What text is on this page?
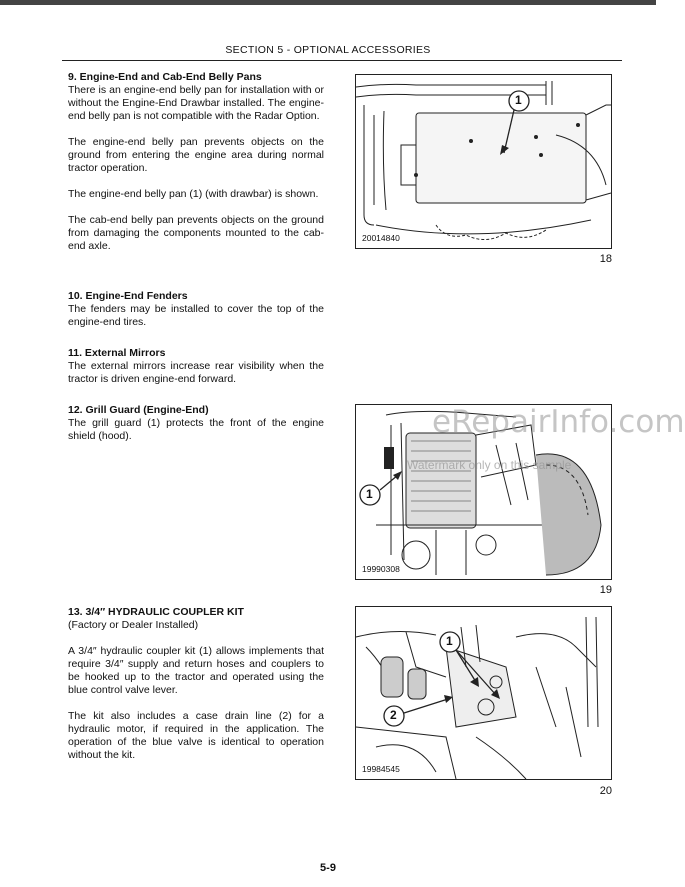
SECTION 5 - OPTIONAL ACCESSORIES
9. Engine-End and Cab-End Belly Pans

There is an engine-end belly pan for installation with or without the Engine-End Drawbar installed. The engine-end belly pan is not compatible with the Radar Option.

The engine-end belly pan prevents objects on the ground from entering the engine area during normal tractor operation.

The engine-end belly pan (1) (with drawbar) is shown.

The cab-end belly pan prevents objects on the ground from damaging the components mounted to the cab-end axle.

10. Engine-End Fenders

The fenders may be installed to cover the top of the engine-end tires.

11. External Mirrors

The external mirrors increase rear visibility when the tractor is driven engine-end forward.

12. Grill Guard (Engine-End)

The grill guard (1) protects the front of the engine shield (hood).

13. 3/4″ HYDRAULIC COUPLER KIT

(Factory or Dealer Installed)

A 3/4″ hydraulic coupler kit (1) allows implements that require 3/4″ supply and return hoses and couplers to be hooked up to the tractor and operated using the blue control valve lever.

The kit also includes a case drain line (2) for a hydraulic motor, if required in the application. The operation of the blue valve is identical to operation without the kit.

1
20014840
18
1
19990308
19
1
2
19984545
20
eRepairInfo.com
Watermark only on this sample
5-9
